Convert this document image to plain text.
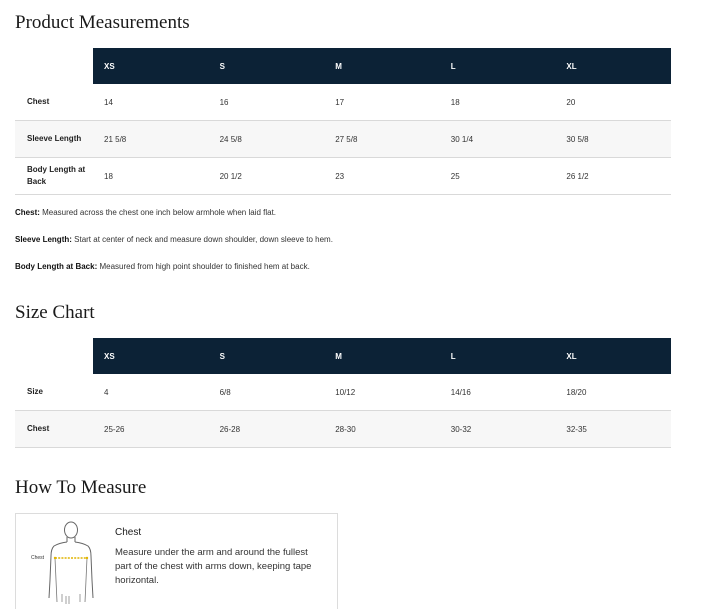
Product Measurements
	XS	S	M	L	XL
Chest	14	16	17	18	20
Sleeve Length	21 5/8	24 5/8	27 5/8	30 1/4	30 5/8
Body Length at Back	18	20 1/2	23	25	26 1/2
Chest: Measured across the chest one inch below armhole when laid flat.
Sleeve Length: Start at center of neck and measure down shoulder, down sleeve to hem.
Body Length at Back: Measured from high point shoulder to finished hem at back.
Size Chart
	XS	S	M	L	XL
Size	4	6/8	10/12	14/16	18/20
Chest	25-26	26-28	28-30	30-32	32-35
How To Measure
Chest
Chest
Measure under the arm and around the fullest part of the chest with arms down, keeping tape horizontal.
